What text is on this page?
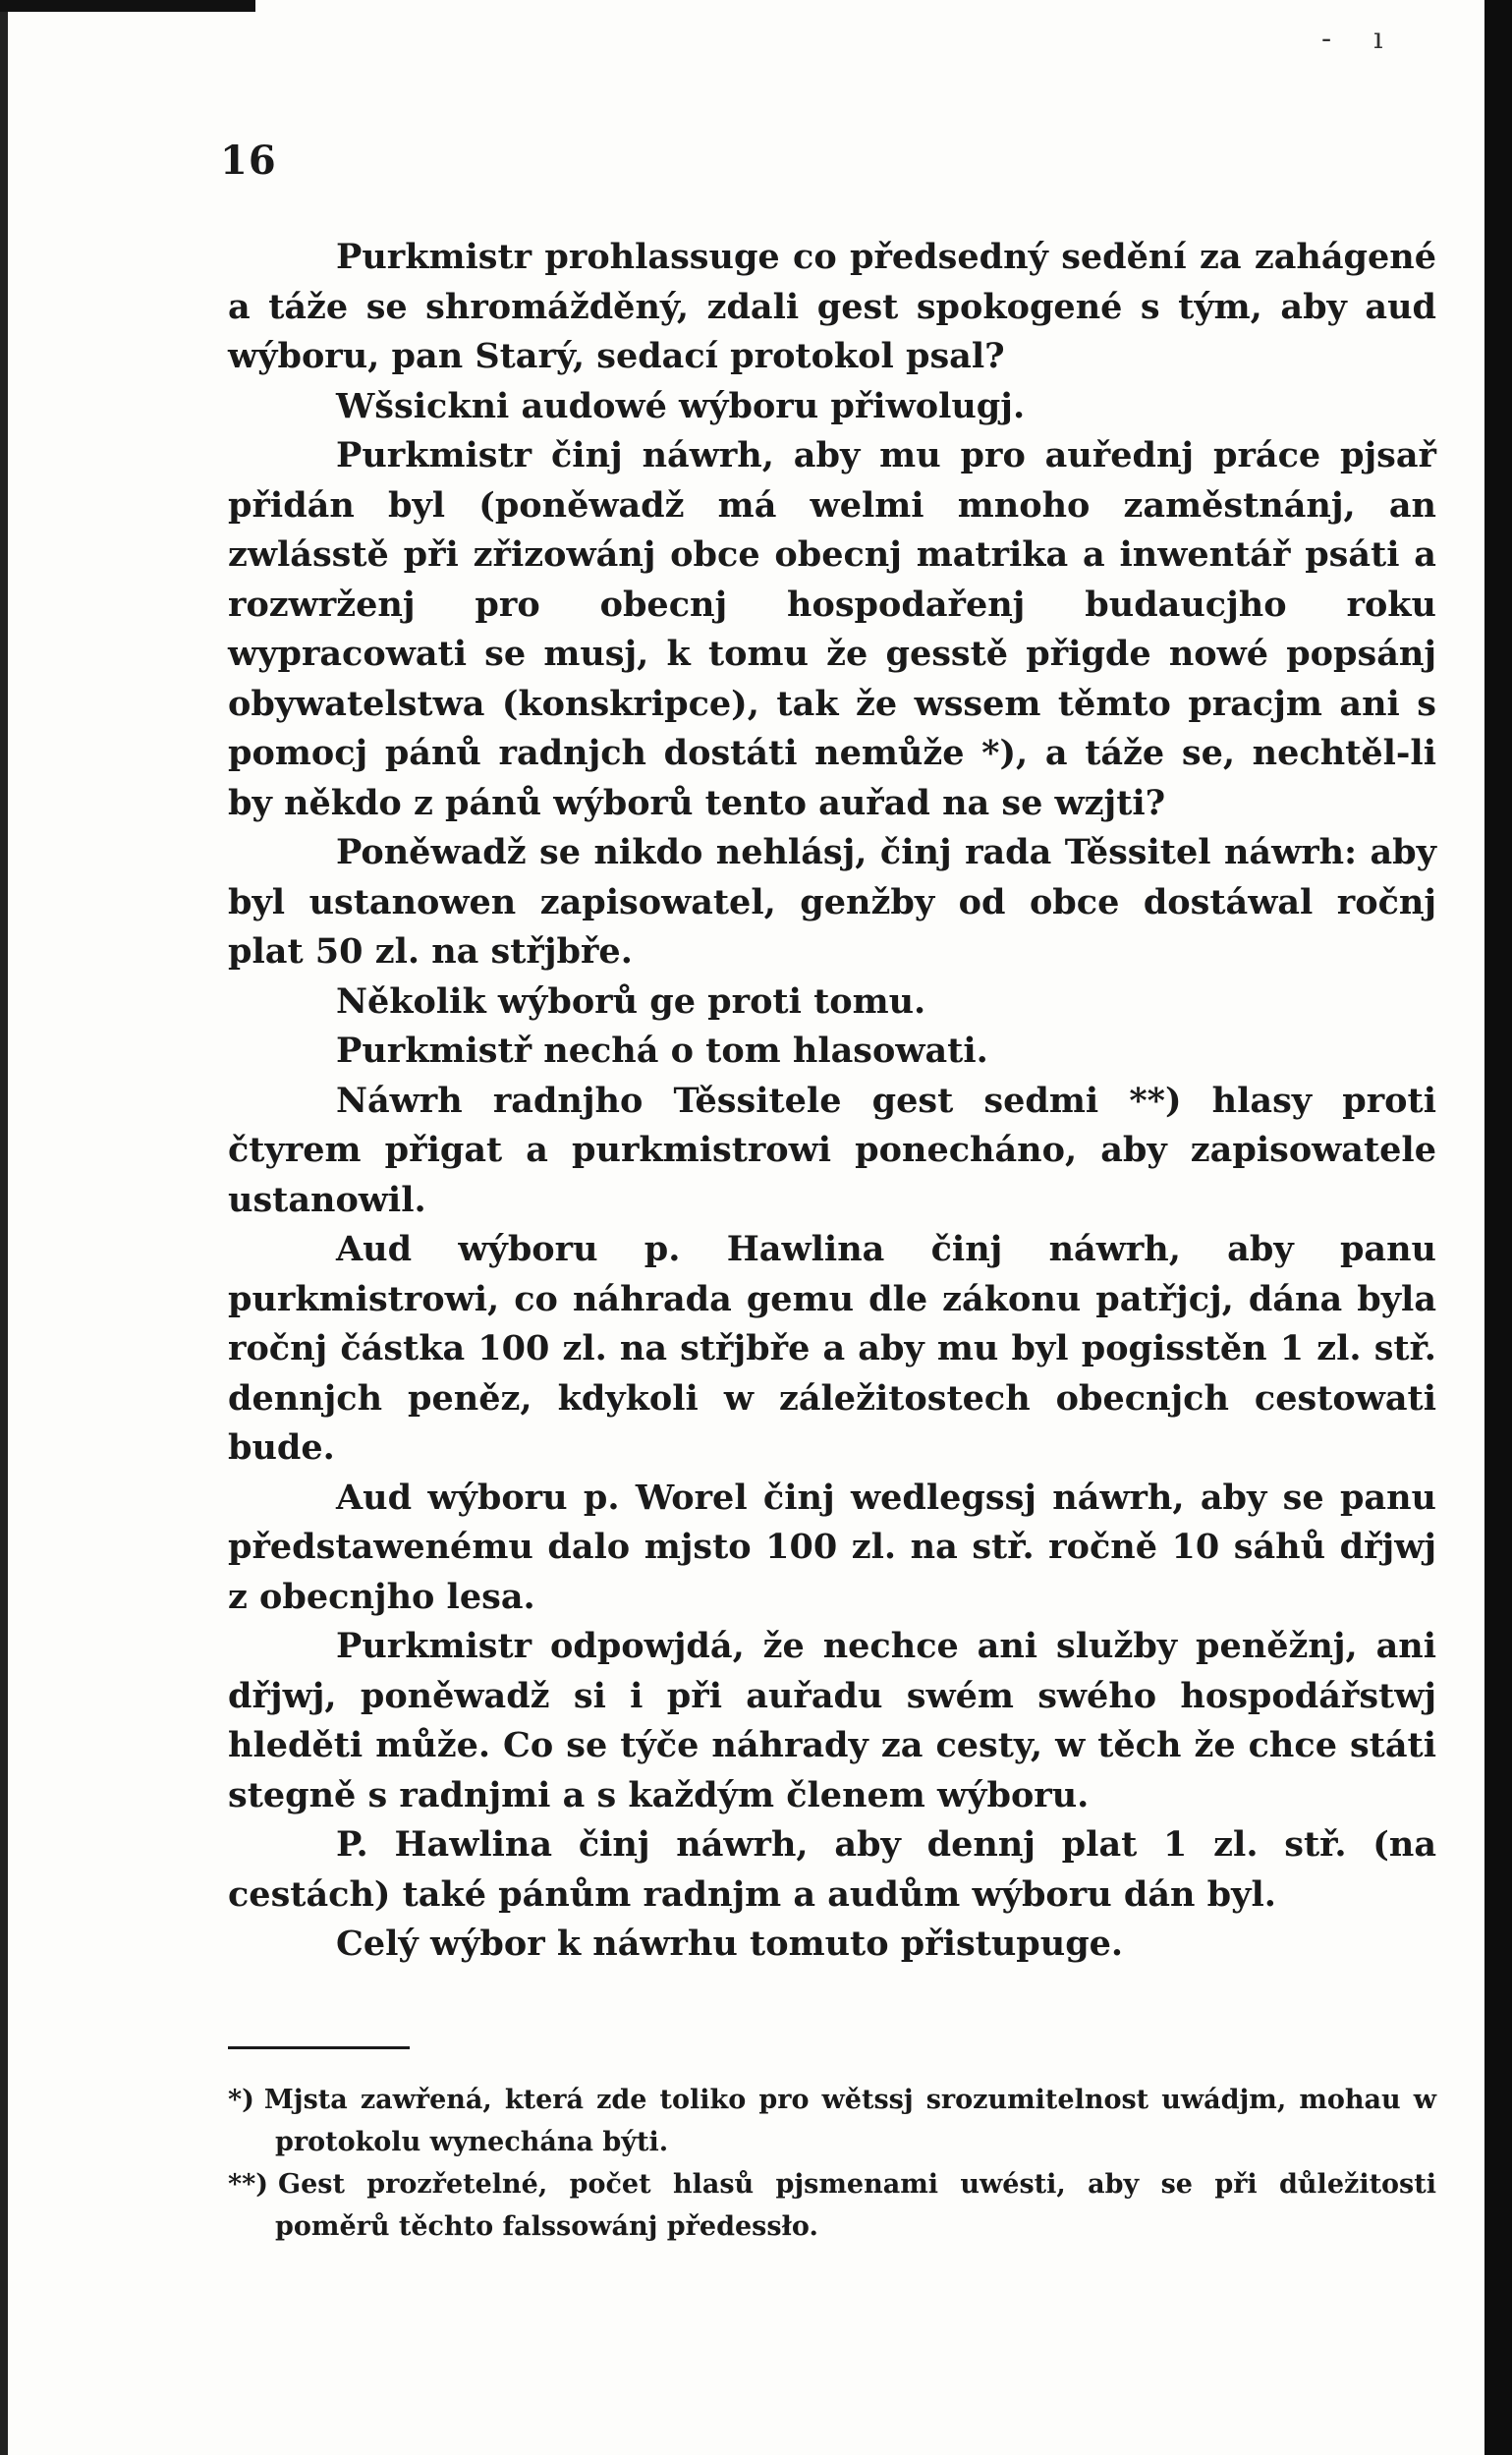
- ı
16

Purkmistr prohlassuge co předsedný sedění za zahágené a táže se shromážděný, zdali gest spokogené s tým, aby aud wýboru, pan Starý, sedací protokol psal?

Wšsickni audowé wýboru přiwolugj.

Purkmistr činj náwrh, aby mu pro auřednj práce pjsař přidán byl (poněwadž má welmi mnoho zaměstnánj, an zwlásstě při zřizowánj obce obecnj matrika a inwentář psáti a rozwrženj pro obecnj hospodařenj budaucjho roku wypracowati se musj, k tomu že gesstě přigde nowé popsánj obywatelstwa (konskripce), tak že wssem těmto pracjm ani s pomocj pánů radnjch dostáti nemůže *), a táže se, nechtěl-li by někdo z pánů wýborů tento auřad na se wzjti?

Poněwadž se nikdo nehlásj, činj rada Těssitel náwrh: aby byl ustanowen zapisowatel, genžby od obce dostáwal ročnj plat 50 zl. na střjbře.

Několik wýborů ge proti tomu.

Purkmistř nechá o tom hlasowati.

Náwrh radnjho Těssitele gest sedmi **) hlasy proti čtyrem přigat a purkmistrowi ponecháno, aby zapisowatele ustanowil.

Aud wýboru p. Hawlina činj náwrh, aby panu purkmistrowi, co náhrada gemu dle zákonu patřjcj, dána byla ročnj částka 100 zl. na střjbře a aby mu byl pogisstěn 1 zl. stř. dennjch peněz, kdykoli w záležitostech obecnjch cestowati bude.

Aud wýboru p. Worel činj wedlegssj náwrh, aby se panu předstawenému dalo mjsto 100 zl. na stř. ročně 10 sáhů dřjwj z obecnjho lesa.

Purkmistr odpowjdá, že nechce ani služby peněžnj, ani dřjwj, poněwadž si i při auřadu swém swého hospodářstwj hleděti může. Co se týče náhrady za cesty, w těch že chce státi stegně s radnjmi a s každým členem wýboru.

P. Hawlina činj náwrh, aby dennj plat 1 zl. stř. (na cestách) také pánům radnjm a audům wýboru dán byl.

Celý wýbor k náwrhu tomuto přistupuge.

*) Mjsta zawřená, která zde toliko pro wětssj srozumitelnost uwádjm, mohau w protokolu wynechána býti.

**) Gest prozřetelné, počet hlasů pjsmenami uwésti, aby se při důležitosti poměrů těchto falssowánj předessło.
